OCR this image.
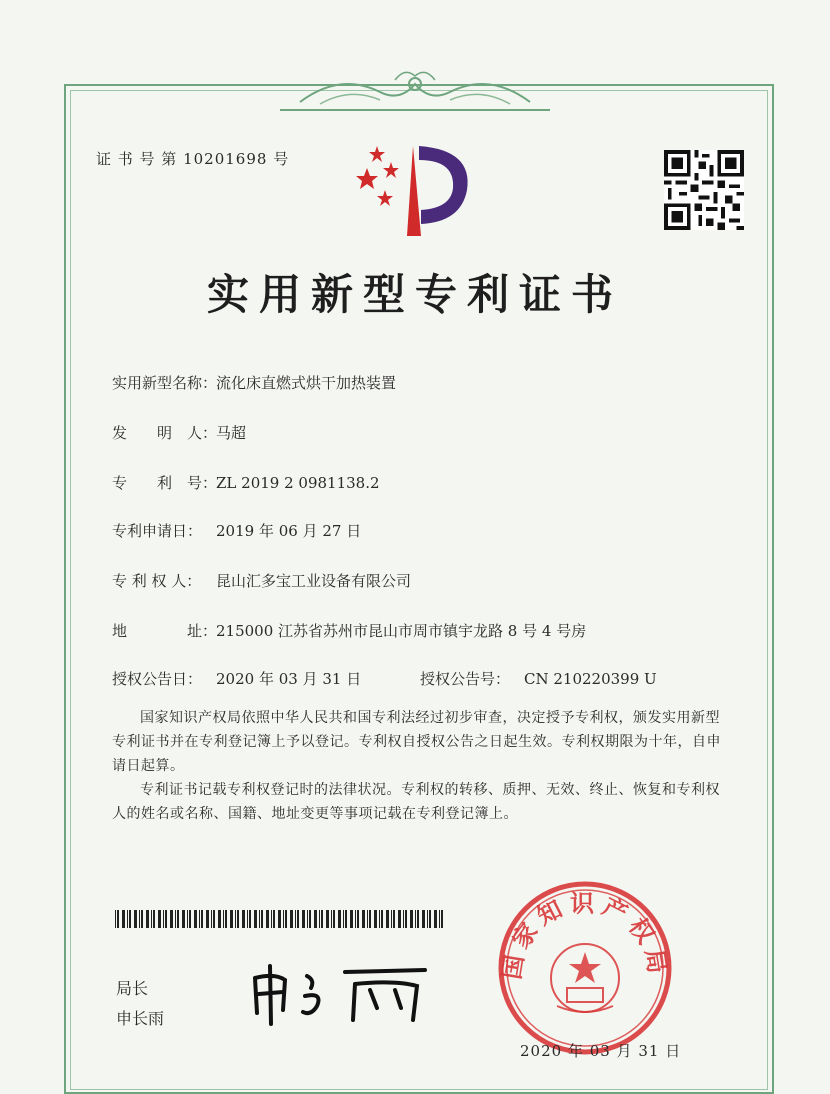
证 书 号 第 10201698 号
实用新型专利证书
实用新型名称：流化床直燃式烘干加热装置
发　　明　人：马超
专　　利　号：ZL 2019 2 0981138.2
专利申请日： 2019 年 06 月 27 日
专 利 权 人： 昆山汇多宝工业设备有限公司
地　　　　址：215000 江苏省苏州市昆山市周市镇宇龙路 8 号 4 号房
授权公告日： 2020 年 03 月 31 日	授权公告号： CN 210220399 U
国家知识产权局依照中华人民共和国专利法经过初步审查，决定授予专利权，颁发实用新型专利证书并在专利登记簿上予以登记。专利权自授权公告之日起生效。专利权期限为十年，自申请日起算。
专利证书记载专利权登记时的法律状况。专利权的转移、质押、无效、终止、恢复和专利权人的姓名或名称、国籍、地址变更等事项记载在专利登记簿上。
局长
申长雨
国家知识产权局
2020 年 03 月 31 日
